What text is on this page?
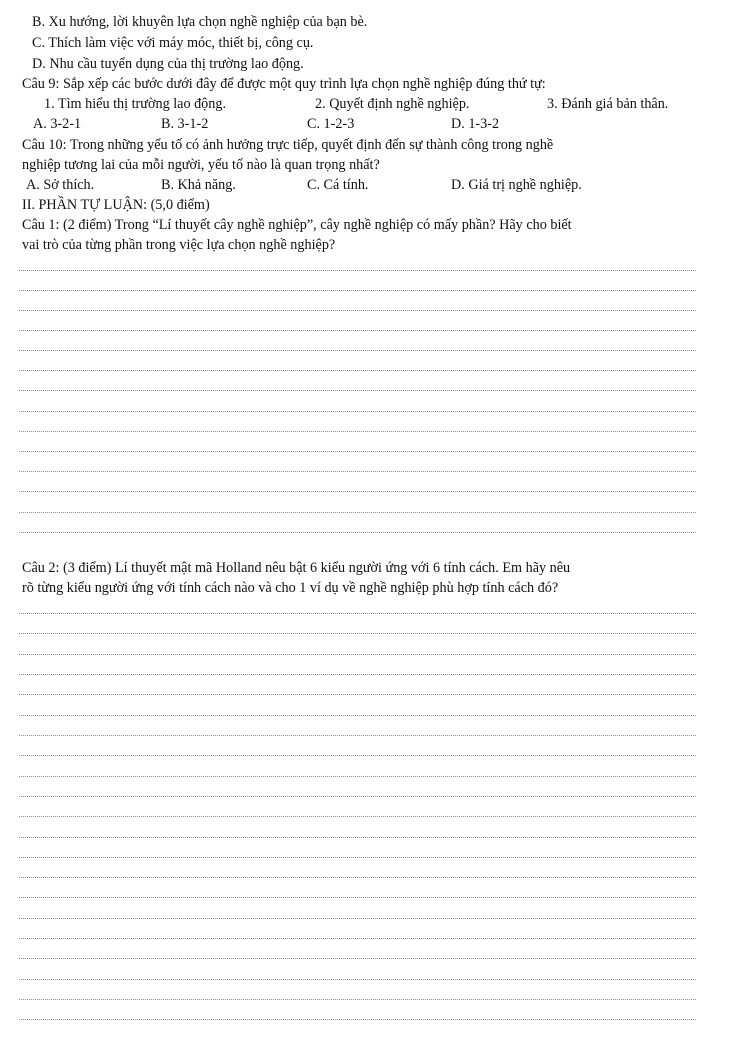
B. Xu hướng, lời khuyên lựa chọn nghề nghiệp của bạn bè.
C. Thích làm việc với máy móc, thiết bị, công cụ.
D. Nhu cầu tuyển dụng của thị trường lao động.
Câu 9: Sắp xếp các bước dưới đây để được một quy trình lựa chọn nghề nghiệp đúng thứ tự:
1. Tìm hiểu thị trường lao động.	2. Quyết định nghề nghiệp.	3. Đánh giá bản thân.
A. 3-2-1	B. 3-1-2	C. 1-2-3	D. 1-3-2
Câu 10: Trong những yếu tố có ảnh hưởng trực tiếp, quyết định đến sự thành công trong nghề
nghiệp tương lai của mỗi người, yếu tố nào là quan trọng nhất?
A. Sở thích.	B. Khả năng.	C. Cá tính.	D. Giá trị nghề nghiệp.
II. PHẦN TỰ LUẬN: (5,0 điểm)
Câu 1: (2 điểm) Trong “Lí thuyết cây nghề nghiệp”, cây nghề nghiệp có mấy phần? Hãy cho biết
vai trò của từng phần trong việc lựa chọn nghề nghiệp?
Câu 2: (3 điểm) Lí thuyết mật mã Holland nêu bật 6 kiểu người ứng với 6 tính cách. Em hãy nêu
rõ từng kiểu người ứng với tính cách nào và cho 1 ví dụ về nghề nghiệp phù hợp tính cách đó?
